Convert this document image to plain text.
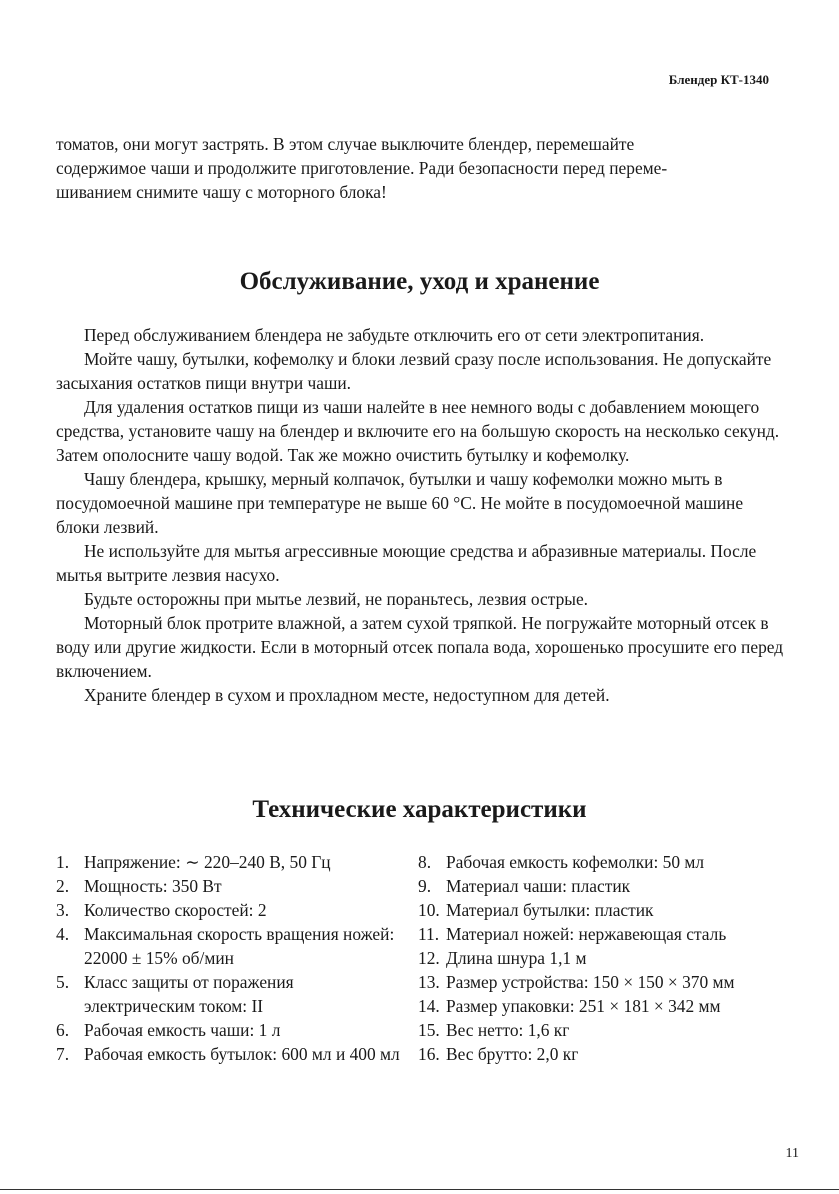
Блендер КТ-1340

томатов, они могут застрять. В этом случае выключите блендер, перемешайте

содержимое чаши и продолжите приготовление. Ради безопасности перед переме-

шиванием снимите чашу с моторного блока!

Обслуживание, уход и хранение

Перед обслуживанием блендера не забудьте отключить его от сети электропитания.

Мойте чашу, бутылки, кофемолку и блоки лезвий сразу после использования. Не допускайте засыхания остатков пищи внутри чаши.

Для удаления остатков пищи из чаши налейте в нее немного воды с добавлением моющего средства, установите чашу на блендер и включите его на большую скорость на несколько секунд. Затем ополосните чашу водой. Так же можно очистить бутылку и кофемолку.

Чашу блендера, крышку, мерный колпачок, бутылки и чашу кофемолки можно мыть в посудомоечной машине при температуре не выше 60 °С. Не мойте в посудомоечной машине блоки лезвий.

Не используйте для мытья агрессивные моющие средства и абразивные материалы. После мытья вытрите лезвия насухо.

Будьте осторожны при мытье лезвий, не пораньтесь, лезвия острые.

Моторный блок протрите влажной, а затем сухой тряпкой. Не погружайте моторный отсек в воду или другие жидкости. Если в моторный отсек попала вода, хорошенько просушите его перед включением.

Храните блендер в сухом и прохладном месте, недоступном для детей.

Технические характеристики
1. Напряжение: ∼ 220–240 В, 50 Гц
2. Мощность: 350 Вт
3. Количество скоростей: 2
4. Максимальная скорость вращения ножей: 22000 ± 15% об/мин
5. Класс защиты от поражения электрическим током: II
6. Рабочая емкость чаши: 1 л
7. Рабочая емкость бутылок: 600 мл и 400 мл
8. Рабочая емкость кофемолки: 50 мл
9. Материал чаши: пластик
10. Материал бутылки: пластик
11. Материал ножей: нержавеющая сталь
12. Длина шнура 1,1 м
13. Размер устройства: 150 × 150 × 370 мм
14. Размер упаковки: 251 × 181 × 342 мм
15. Вес нетто: 1,6 кг
16. Вес брутто: 2,0 кг
11
